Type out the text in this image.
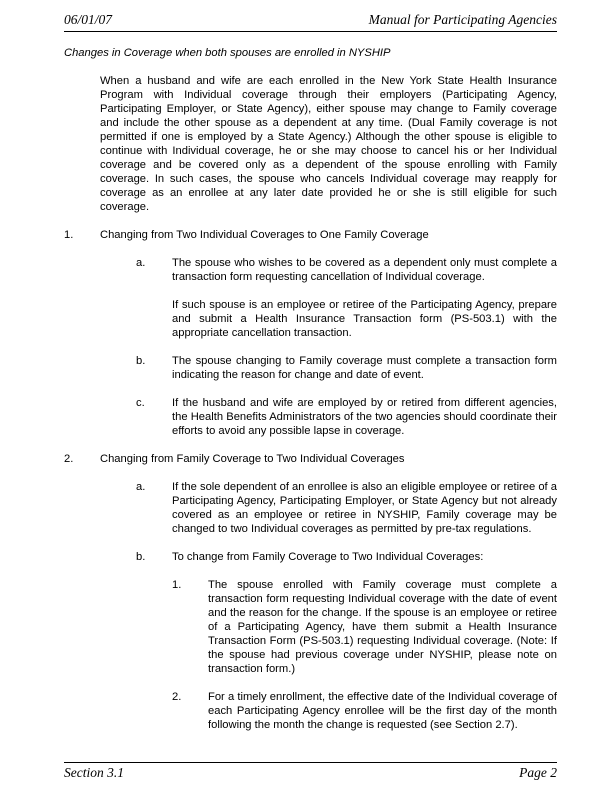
06/01/07	Manual for Participating Agencies

Changes in Coverage when both spouses are enrolled in NYSHIP

When a husband and wife are each enrolled in the New York State Health Insurance Program with Individual coverage through their employers (Participating Agency, Participating Employer, or State Agency), either spouse may change to Family coverage and include the other spouse as a dependent at any time. (Dual Family coverage is not permitted if one is employed by a State Agency.) Although the other spouse is eligible to continue with Individual coverage, he or she may choose to cancel his or her Individual coverage and be covered only as a dependent of the spouse enrolling with Family coverage. In such cases, the spouse who cancels Individual coverage may reapply for coverage as an enrollee at any later date provided he or she is still eligible for such coverage.

1.	Changing from Two Individual Coverages to One Family Coverage
a.	The spouse who wishes to be covered as a dependent only must complete a transaction form requesting cancellation of Individual coverage.

If such spouse is an employee or retiree of the Participating Agency, prepare and submit a Health Insurance Transaction form (PS-503.1) with the appropriate cancellation transaction.

b.	The spouse changing to Family coverage must complete a transaction form indicating the reason for change and date of event.

c.	If the husband and wife are employed by or retired from different agencies, the Health Benefits Administrators of the two agencies should coordinate their efforts to avoid any possible lapse in coverage.

2.	Changing from Family Coverage to Two Individual Coverages
a.	If the sole dependent of an enrollee is also an eligible employee or retiree of a Participating Agency, Participating Employer, or State Agency but not already covered as an employee or retiree in NYSHIP, Family coverage may be changed to two Individual coverages as permitted by pre-tax regulations.

b.	To change from Family Coverage to Two Individual Coverages:

1.	The spouse enrolled with Family coverage must complete a transaction form requesting Individual coverage with the date of event and the reason for the change. If the spouse is an employee or retiree of a Participating Agency, have them submit a Health Insurance Transaction Form (PS-503.1) requesting Individual coverage. (Note: If the spouse had previous coverage under NYSHIP, please note on transaction form.)

2.	For a timely enrollment, the effective date of the Individual coverage of each Participating Agency enrollee will be the first day of the month following the month the change is requested (see Section 2.7).

Section 3.1	Page 2
